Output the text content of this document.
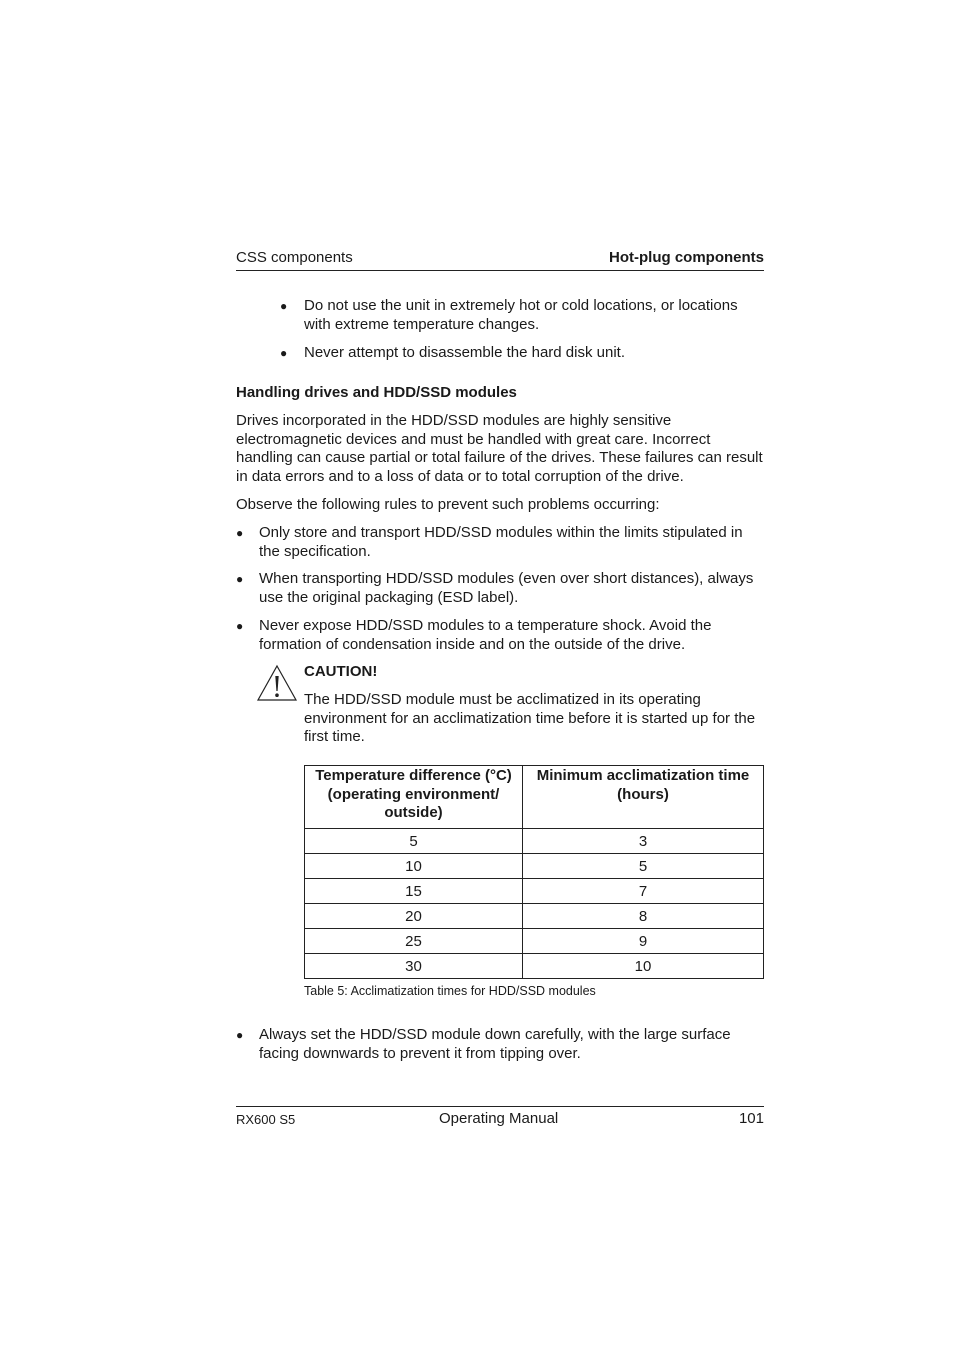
CSS components	Hot-plug components
● Do not use the unit in extremely hot or cold locations, or locations with extreme temperature changes.
● Never attempt to disassemble the hard disk unit.
Handling drives and HDD/SSD modules

Drives incorporated in the HDD/SSD modules are highly sensitive electromagnetic devices and must be handled with great care. Incorrect handling can cause partial or total failure of the drives. These failures can result in data errors and to a loss of data or to total corruption of the drive.

Observe the following rules to prevent such problems occurring:

● Only store and transport HDD/SSD modules within the limits stipulated in the specification.
● When transporting HDD/SSD modules (even over short distances), always use the original packaging (ESD label).
● Never expose HDD/SSD modules to a temperature shock. Avoid the formation of condensation inside and on the outside of the drive.
CAUTION!
The HDD/SSD module must be acclimatized in its operating environment for an acclimatization time before it is started up for the first time.
Temperature difference (°C) (operating environment/ outside)	Minimum acclimatization time (hours)
5	3
10	5
15	7
20	8
25	9
30	10
Table 5: Acclimatization times for HDD/SSD modules
● Always set the HDD/SSD module down carefully, with the large surface facing downwards to prevent it from tipping over.
RX600 S5	Operating Manual	101
